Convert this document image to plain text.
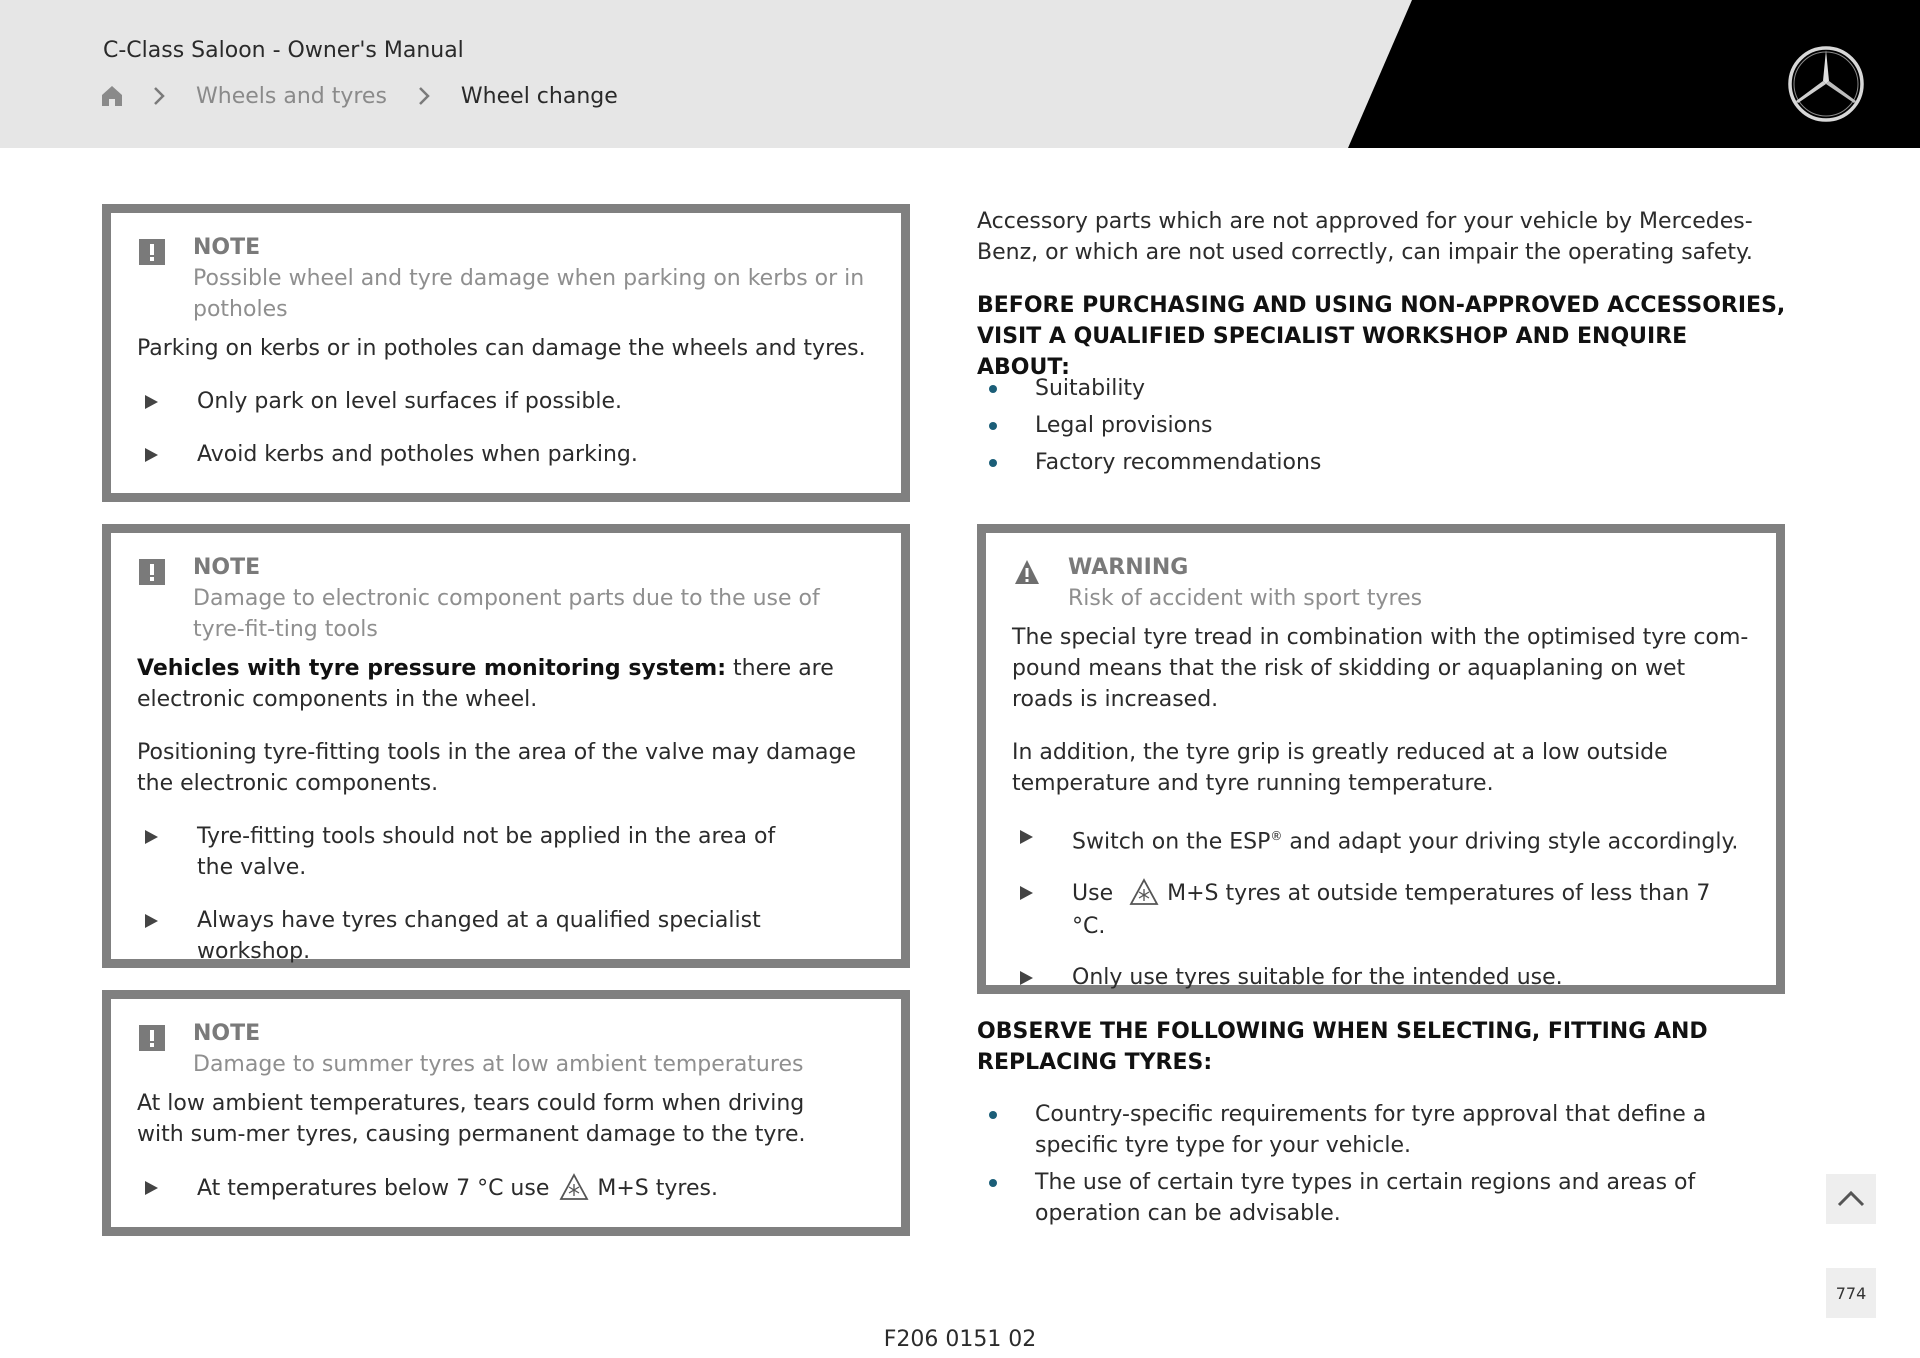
C-Class Saloon - Owner's Manual
Wheels and tyres	Wheel change
NOTE
Possible wheel and tyre damage when parking on kerbs or in potholes
Parking on kerbs or in potholes can damage the wheels and tyres.
Only park on level surfaces if possible.
Avoid kerbs and potholes when parking.
NOTE
Damage to electronic component parts due to the use of tyre-fit-ting tools
Vehicles with tyre pressure monitoring system: there are electronic components in the wheel.
Positioning tyre-fitting tools in the area of the valve may damage the electronic components.
Tyre-fitting tools should not be applied in the area of the valve.
Always have tyres changed at a qualified specialist workshop.
NOTE
Damage to summer tyres at low ambient temperatures
At low ambient temperatures, tears could form when driving with sum-mer tyres, causing permanent damage to the tyre.
At temperatures below 7 °C use M+S tyres.
Accessory parts which are not approved for your vehicle by Mercedes-Benz, or which are not used correctly, can impair the operating safety.
BEFORE PURCHASING AND USING NON-APPROVED ACCESSORIES, VISIT A QUALIFIED SPECIALIST WORKSHOP AND ENQUIRE ABOUT:
Suitability
Legal provisions
Factory recommendations
WARNING
Risk of accident with sport tyres
The special tyre tread in combination with the optimised tyre com-pound means that the risk of skidding or aquaplaning on wet roads is increased.
In addition, the tyre grip is greatly reduced at a low outside temperature and tyre running temperature.
Switch on the ESP® and adapt your driving style accordingly.
Use M+S tyres at outside temperatures of less than 7 °C.
Only use tyres suitable for the intended use.
OBSERVE THE FOLLOWING WHEN SELECTING, FITTING AND REPLACING TYRES:
Country-specific requirements for tyre approval that define a specific tyre type for your vehicle.
The use of certain tyre types in certain regions and areas of operation can be advisable.
774
F206 0151 02
